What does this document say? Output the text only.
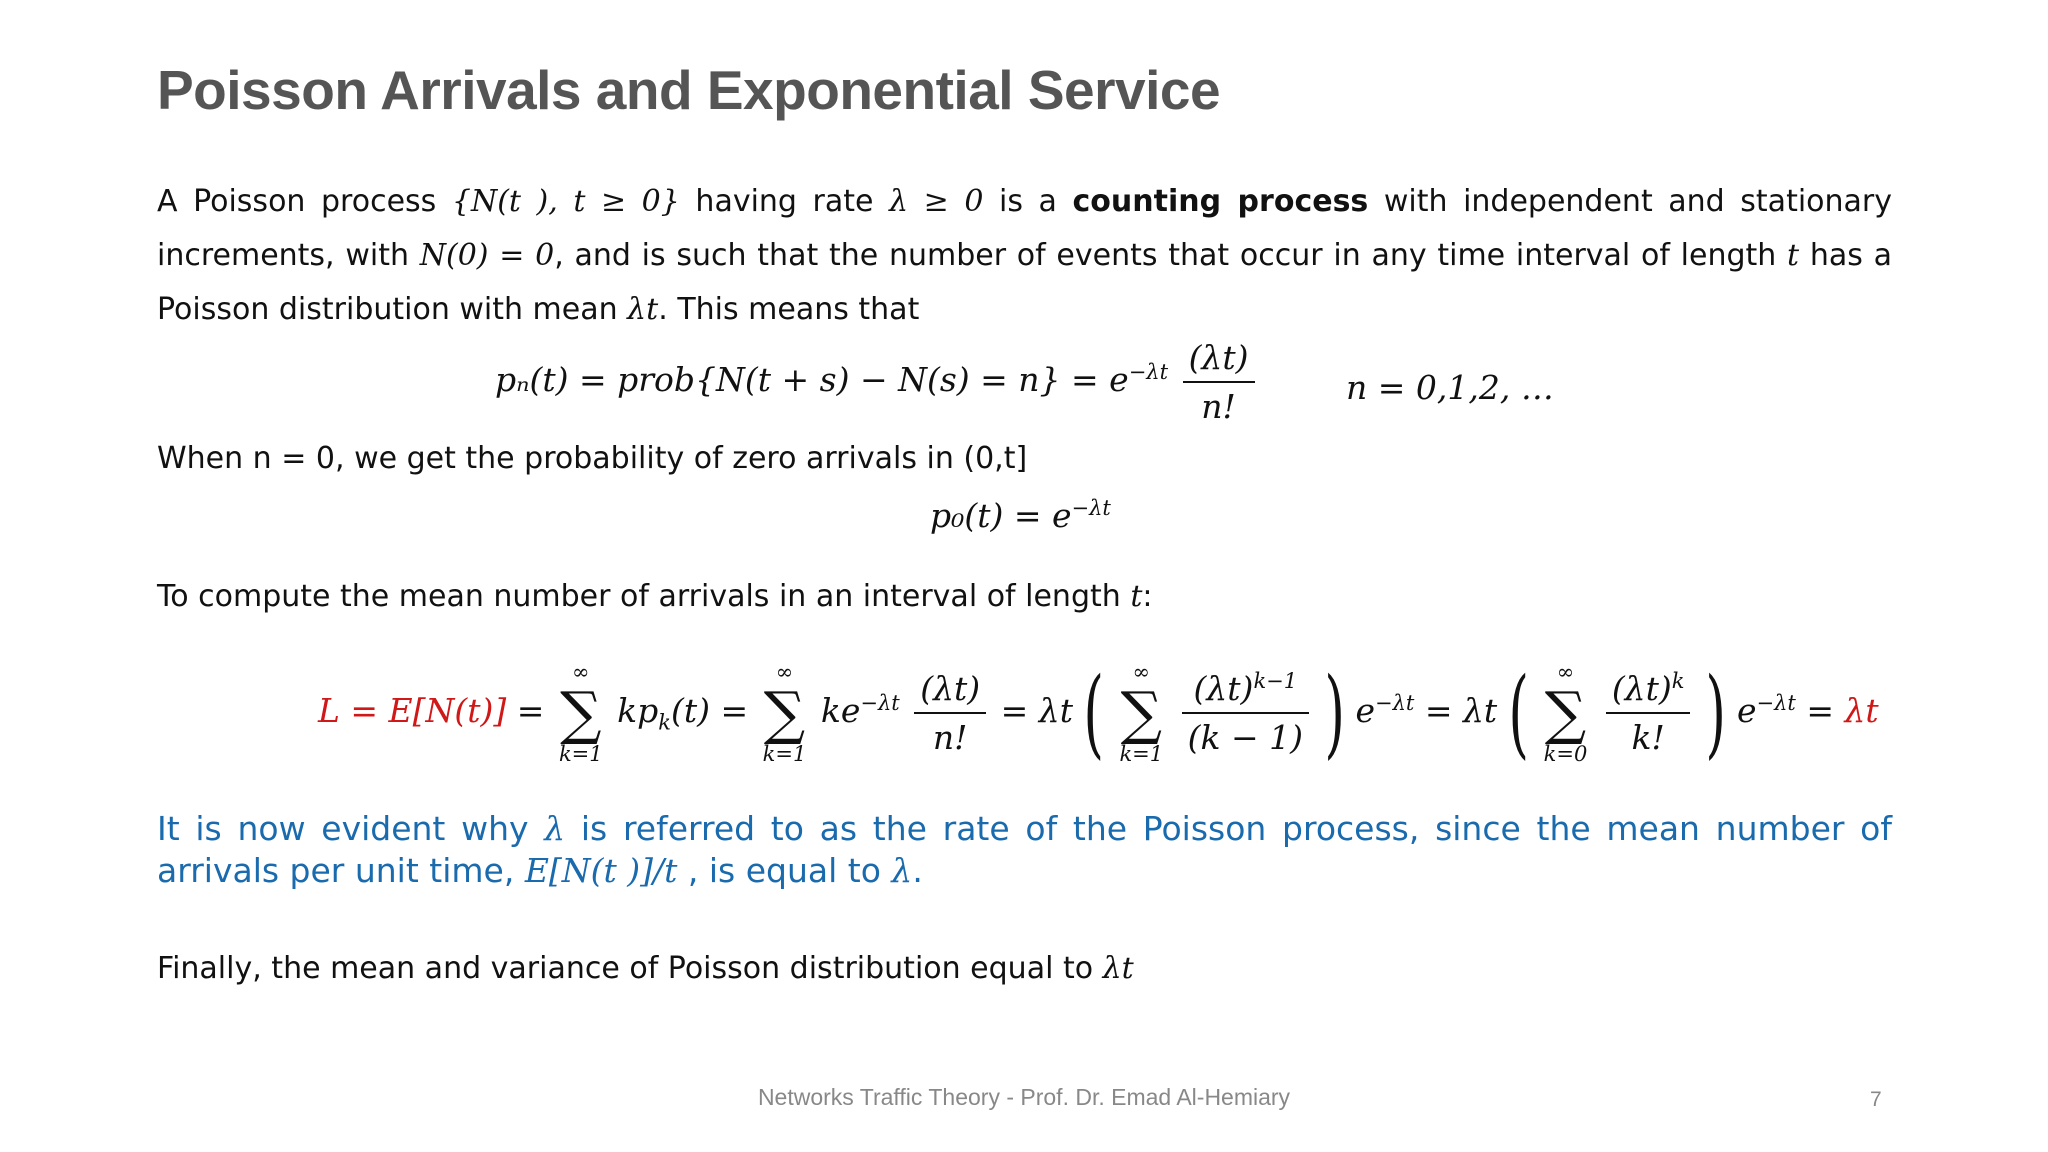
Poisson Arrivals and Exponential Service
A Poisson process {N(t ), t ≥ 0} having rate λ ≥ 0 is a counting process with independent and stationary increments, with N(0) = 0, and is such that the number of events that occur in any time interval of length t has a Poisson distribution with mean λt. This means that
pₙ(t) = prob{N(t + $s) - N(s) = n\} = e^{-\lambda t} \frac{(\lambda t)}{n!}$	n = 0,1,2, …
When n = 0, we get the probability of zero arrivals in (0,t]
$p_0(t) = e^{-\lambda t}$
To compute the mean number of arrivals in an interval of length t:
L = E[N(t)] =
∞
∑
k=1
$kp_k(t)$ =
∞
∑
k=1
$ke^{-\lambda t} \frac{(\lambda t)}{n!} = \lambda t$ (	∞
∑
k=1
$\frac{(\lambda t)^{k-1}}{(k - 1)}$ ) $e^{-\lambda t} = \lambda t$ (	∞
∑
k=0
$\frac{(\lambda t)^k}{k!}$ ) $e^{-\lambda t} = \lambda t$
It is now evident why λ is referred to as the rate of the Poisson process, since the mean number of arrivals per unit time, E[N(t )]/t , is equal to λ.
Finally, the mean and variance of Poisson distribution equal to λt
Networks Traffic Theory - Prof. Dr. Emad Al-Hemiary	7
